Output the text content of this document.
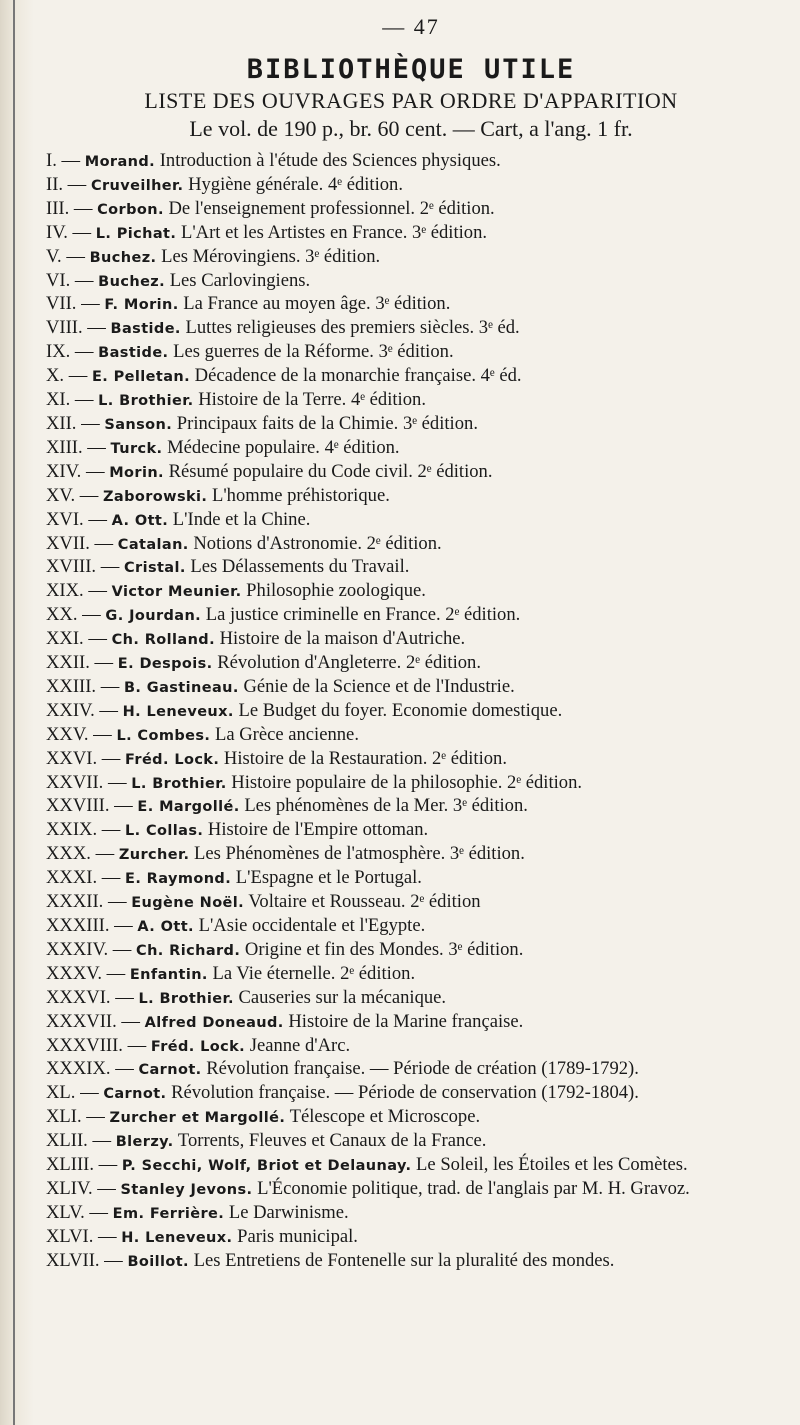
— 47
BIBLIOTHÈQUE UTILE
LISTE DES OUVRAGES PAR ORDRE D'APPARITION
Le vol. de 190 p., br. 60 cent. — Cart, a l'ang. 1 fr.
I. — Morand. Introduction à l'étude des Sciences physiques.
II. — Cruveilher. Hygiène générale. 4ᵉ édition.
III. — Corbon. De l'enseignement professionnel. 2ᵉ édition.
IV. — L. Pichat. L'Art et les Artistes en France. 3ᵉ édition.
V. — Buchez. Les Mérovingiens. 3ᵉ édition.
VI. — Buchez. Les Carlovingiens.
VII. — F. Morin. La France au moyen âge. 3ᵉ édition.
VIII. — Bastide. Luttes religieuses des premiers siècles. 3ᵉ éd.
IX. — Bastide. Les guerres de la Réforme. 3ᵉ édition.
X. — E. Pelletan. Décadence de la monarchie française. 4ᵉ éd.
XI. — L. Brothier. Histoire de la Terre. 4ᵉ édition.
XII. — Sanson. Principaux faits de la Chimie. 3ᵉ édition.
XIII. — Turck. Médecine populaire. 4ᵉ édition.
XIV. — Morin. Résumé populaire du Code civil. 2ᵉ édition.
XV. — Zaborowski. L'homme préhistorique.
XVI. — A. Ott. L'Inde et la Chine.
XVII. — Catalan. Notions d'Astronomie. 2ᵉ édition.
XVIII. — Cristal. Les Délassements du Travail.
XIX. — Victor Meunier. Philosophie zoologique.
XX. — G. Jourdan. La justice criminelle en France. 2ᵉ édition.
XXI. — Ch. Rolland. Histoire de la maison d'Autriche.
XXII. — E. Despois. Révolution d'Angleterre. 2ᵉ édition.
XXIII. — B. Gastineau. Génie de la Science et de l'Industrie.
XXIV. — H. Leneveux. Le Budget du foyer. Economie domestique.
XXV. — L. Combes. La Grèce ancienne.
XXVI. — Fréd. Lock. Histoire de la Restauration. 2ᵉ édition.
XXVII. — L. Brothier. Histoire populaire de la philosophie. 2ᵉ édition.
XXVIII. — E. Margollé. Les phénomènes de la Mer. 3ᵉ édition.
XXIX. — L. Collas. Histoire de l'Empire ottoman.
XXX. — Zurcher. Les Phénomènes de l'atmosphère. 3ᵉ édition.
XXXI. — E. Raymond. L'Espagne et le Portugal.
XXXII. — Eugène Noël. Voltaire et Rousseau. 2ᵉ édition
XXXIII. — A. Ott. L'Asie occidentale et l'Egypte.
XXXIV. — Ch. Richard. Origine et fin des Mondes. 3ᵉ édition.
XXXV. — Enfantin. La Vie éternelle. 2ᵉ édition.
XXXVI. — L. Brothier. Causeries sur la mécanique.
XXXVII. — Alfred Doneaud. Histoire de la Marine française.
XXXVIII. — Fréd. Lock. Jeanne d'Arc.
XXXIX. — Carnot. Révolution française. — Période de création (1789-1792).
XL. — Carnot. Révolution française. — Période de conservation (1792-1804).
XLI. — Zurcher et Margollé. Télescope et Microscope.
XLII. — Blerzy. Torrents, Fleuves et Canaux de la France.
XLIII. — P. Secchi, Wolf, Briot et Delaunay. Le Soleil, les Étoiles et les Comètes.
XLIV. — Stanley Jevons. L'Économie politique, trad. de l'anglais par M. H. Gravoz.
XLV. — Em. Ferrière. Le Darwinisme.
XLVI. — H. Leneveux. Paris municipal.
XLVII. — Boillot. Les Entretiens de Fontenelle sur la pluralité des mondes.
